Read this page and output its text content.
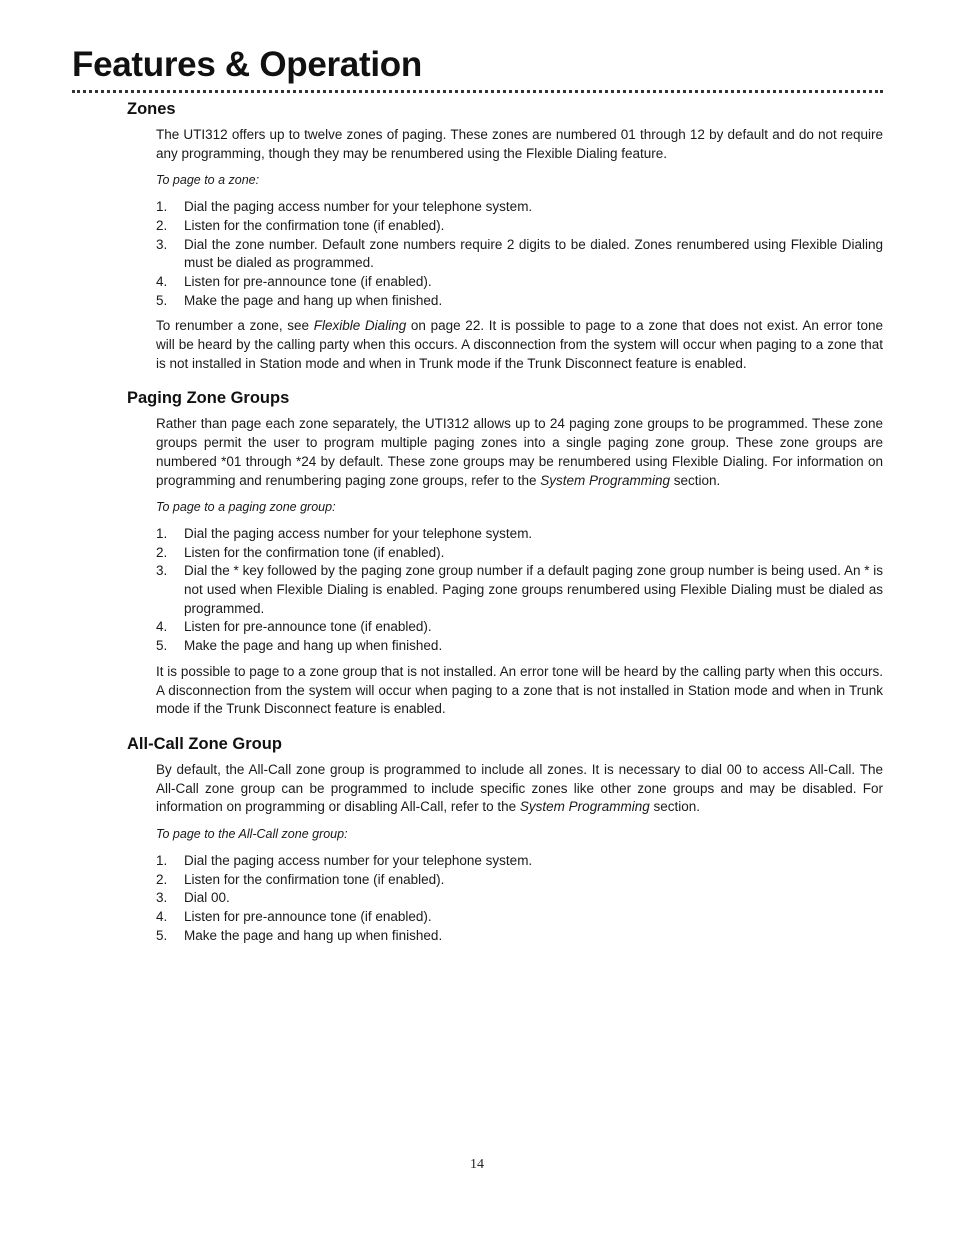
Features & Operation
Zones

The UTI312 offers up to twelve zones of paging. These zones are numbered 01 through 12 by default and do not require any programming, though they may be renumbered using the Flexible Dialing feature.

To page to a zone:

1.	Dial the paging access number for your telephone system.
2.	Listen for the confirmation tone (if enabled).
3.	Dial the zone number. Default zone numbers require 2 digits to be dialed. Zones renumbered using Flexible Dialing must be dialed as programmed.
4.	Listen for pre-announce tone (if enabled).
5.	Make the page and hang up when finished.

To renumber a zone, see Flexible Dialing on page 22. It is possible to page to a zone that does not exist. An error tone will be heard by the calling party when this occurs. A disconnection from the system will occur when paging to a zone that is not installed in Station mode and when in Trunk mode if the Trunk Disconnect feature is enabled.

Paging Zone Groups

Rather than page each zone separately, the UTI312 allows up to 24 paging zone groups to be programmed. These zone groups permit the user to program multiple paging zones into a single paging zone group. These zone groups are numbered *01 through *24 by default. These zone groups may be renumbered using Flexible Dialing. For information on programming and renumbering paging zone groups, refer to the System Programming section.

To page to a paging zone group:

1.	Dial the paging access number for your telephone system.
2.	Listen for the confirmation tone (if enabled).
3.	Dial the * key followed by the paging zone group number if a default paging zone group number is being used. An * is not used when Flexible Dialing is enabled. Paging zone groups renumbered using Flexible Dialing must be dialed as programmed.
4.	Listen for pre-announce tone (if enabled).
5.	Make the page and hang up when finished.

It is possible to page to a zone group that is not installed. An error tone will be heard by the calling party when this occurs. A disconnection from the system will occur when paging to a zone that is not installed in Station mode and when in Trunk mode if the Trunk Disconnect feature is enabled.

All-Call Zone Group

By default, the All-Call zone group is programmed to include all zones. It is necessary to dial 00 to access All-Call. The All-Call zone group can be programmed to include specific zones like other zone groups and may be disabled. For information on programming or disabling All-Call, refer to the System Programming section.

To page to the All-Call zone group:

1.	Dial the paging access number for your telephone system.
2.	Listen for the confirmation tone (if enabled).
3.	Dial 00.
4.	Listen for pre-announce tone (if enabled).
5.	Make the page and hang up when finished.
14
